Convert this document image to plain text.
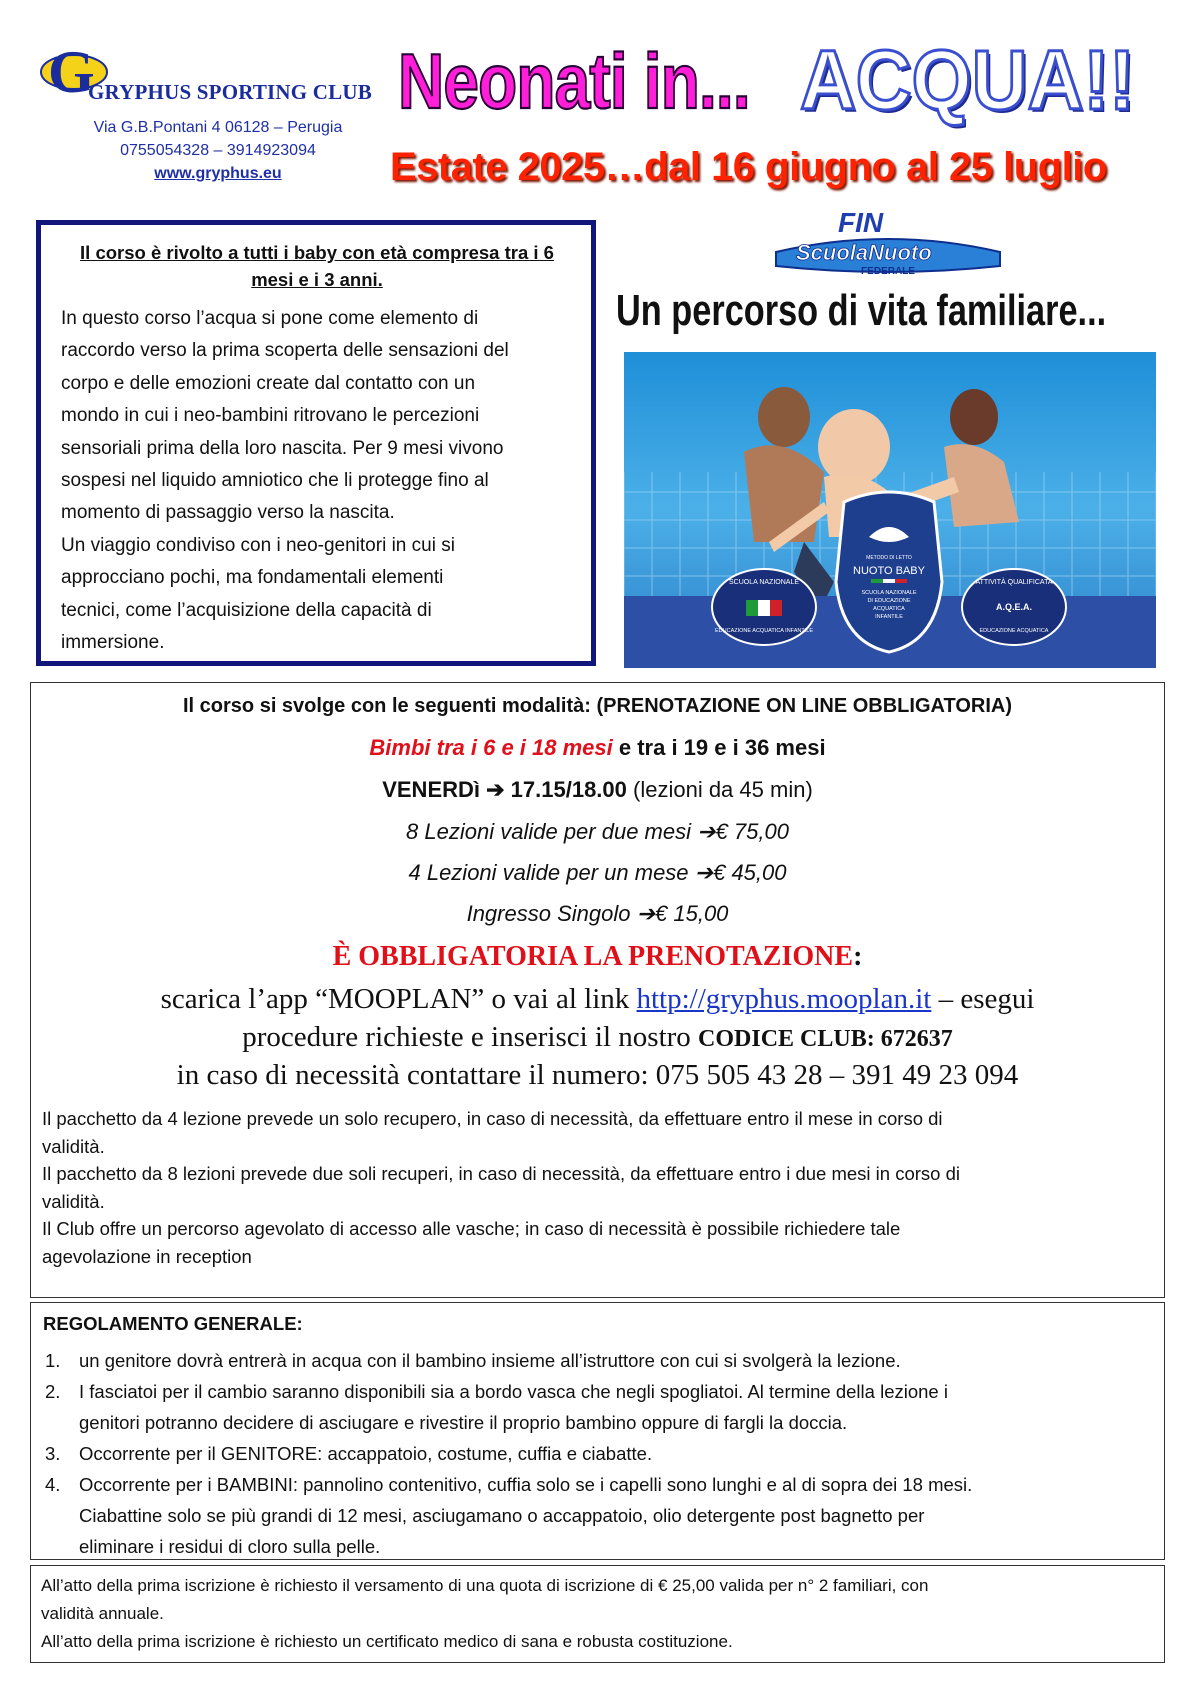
G
GRYPHUS SPORTING CLUB
Via G.B.Pontani 4 06128 – Perugia
0755054328 – 3914923094
www.gryphus.eu
Neonati in... ACQUA!!
Estate 2025…dal 16 giugno al 25 luglio
Il corso è rivolto a tutti i baby con età compresa tra i 6 mesi e i 3 anni.
In questo corso l’acqua si pone come elemento di
raccordo verso la prima scoperta delle sensazioni del
corpo e delle emozioni create dal contatto con un
mondo in cui i neo-bambini ritrovano le percezioni
sensoriali prima della loro nascita. Per 9 mesi vivono
sospesi nel liquido amniotico che li protegge fino al
momento di passaggio verso la nascita.
Un viaggio condiviso con i neo-genitori in cui si
approcciano pochi, ma fondamentali elementi
tecnici, come l’acquisizione della capacità di
immersione.
FIN
ScuolaNuoto
FEDERALE
Un percorso di vita familiare...
SCUOLA NAZIONALE
EDUCAZIONE ACQUATICA INFANTILE
ATTIVITÀ QUALIFICATA
A.Q.E.A.
EDUCAZIONE ACQUATICA
METODO DI LETTO
NUOTO BABY
SCUOLA NAZIONALE
DI EDUCAZIONE
ACQUATICA
INFANTILE
Il corso si svolge con le seguenti modalità: (PRENOTAZIONE ON LINE OBBLIGATORIA)
Bimbi tra i 6 e i 18 mesi e tra i 19 e i 36 mesi
VENERDì ➔ 17.15/18.00 (lezioni da 45 min)
8 Lezioni valide per due mesi ➔€ 75,00
4 Lezioni valide per un mese ➔€ 45,00
Ingresso Singolo ➔€ 15,00
È OBBLIGATORIA LA PRENOTAZIONE:
scarica l’app “MOOPLAN” o vai al link http://gryphus.mooplan.it – esegui
procedure richieste e inserisci il nostro CODICE CLUB: 672637
in caso di necessità contattare il numero: 075 505 43 28 – 391 49 23 094
Il pacchetto da 4 lezione prevede un solo recupero, in caso di necessità, da effettuare entro il mese in corso di
validità.
Il pacchetto da 8 lezioni prevede due soli recuperi, in caso di necessità, da effettuare entro i due mesi in corso di
validità.
Il Club offre un percorso agevolato di accesso alle vasche; in caso di necessità è possibile richiedere tale
agevolazione in reception
REGOLAMENTO GENERALE:
1. un genitore dovrà entrerà in acqua con il bambino insieme all’istruttore con cui si svolgerà la lezione.
2. I fasciatoi per il cambio saranno disponibili sia a bordo vasca che negli spogliatoi. Al termine della lezione i
genitori potranno decidere di asciugare e rivestire il proprio bambino oppure di fargli la doccia.
3. Occorrente per il GENITORE: accappatoio, costume, cuffia e ciabatte.
4. Occorrente per i BAMBINI: pannolino contenitivo, cuffia solo se i capelli sono lunghi e al di sopra dei 18 mesi.
Ciabattine solo se più grandi di 12 mesi, asciugamano o accappatoio, olio detergente post bagnetto per
eliminare i residui di cloro sulla pelle.
All’atto della prima iscrizione è richiesto il versamento di una quota di iscrizione di € 25,00 valida per n° 2 familiari, con
validità annuale.
All’atto della prima iscrizione è richiesto un certificato medico di sana e robusta costituzione.
